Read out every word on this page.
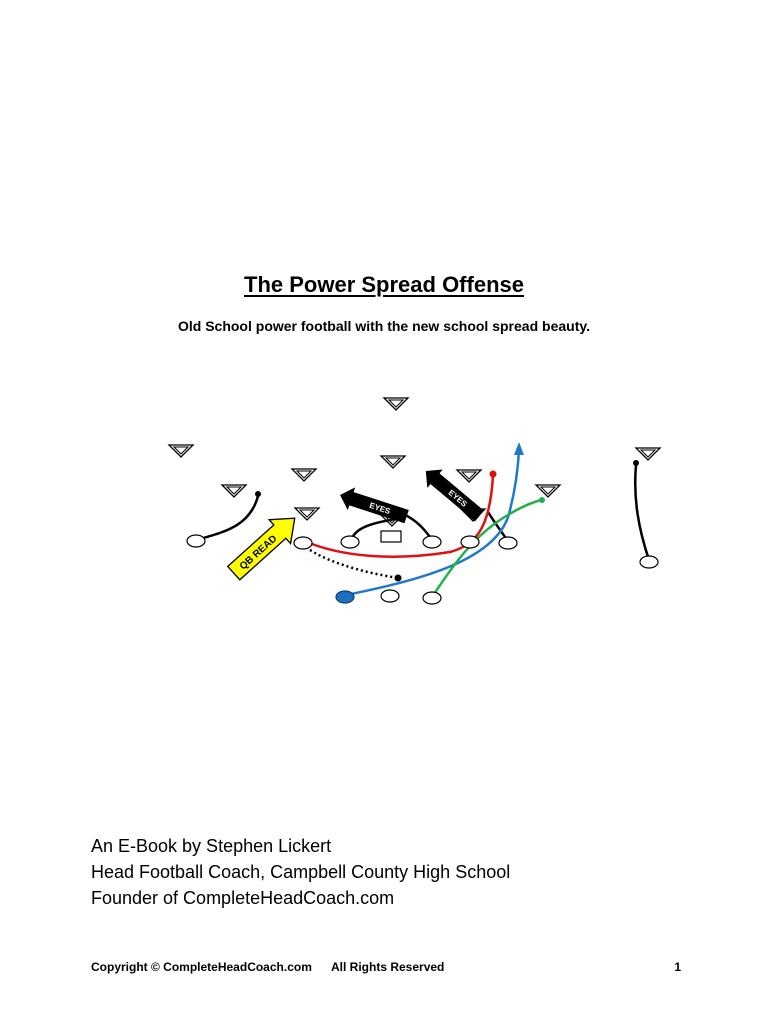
The Power Spread Offense
Old School power football with the new school spread beauty.
QB READ
EYES	EYES
An E-Book by Stephen Lickert
Head Football Coach, Campbell County High School
Founder of CompleteHeadCoach.com
Copyright © CompleteHeadCoach.com All Rights Reserved	1
